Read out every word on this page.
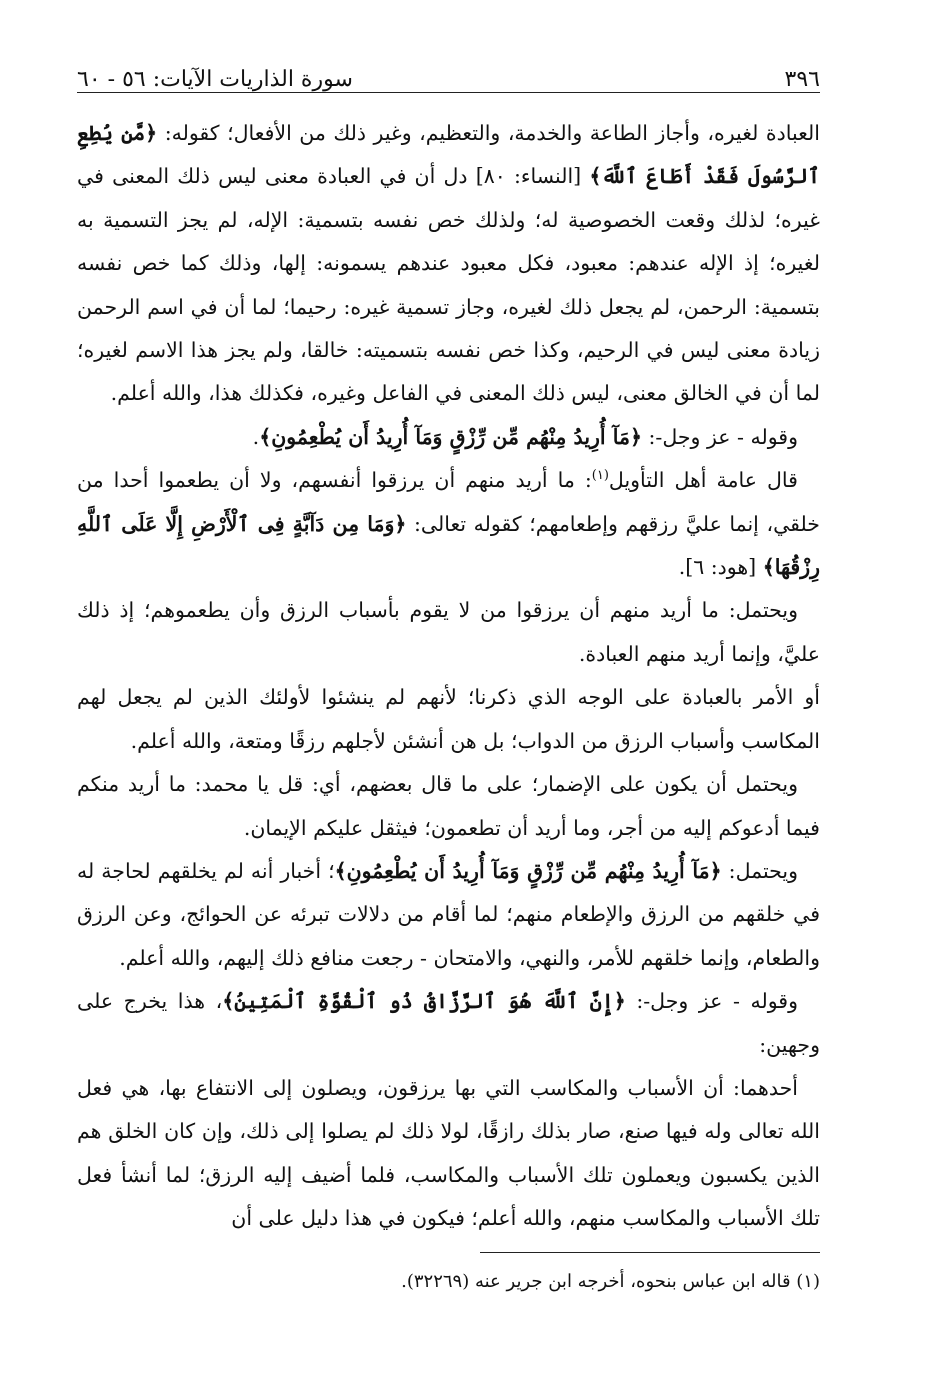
٣٩٦
سورة الذاريات الآيات: ٥٦ - ٦٠

العبادة لغيره، وأجاز الطاعة والخدمة، والتعظيم، وغير ذلك من الأفعال؛ كقوله: ﴿مَّن يُطِعِ ٱلرَّسُولَ فَقَدْ أَطَاعَ ٱللَّهَ﴾ [النساء: ٨٠] دل أن في العبادة معنى ليس ذلك المعنى في غيره؛ لذلك وقعت الخصوصية له؛ ولذلك خص نفسه بتسمية: الإله، لم يجز التسمية به لغيره؛ إذ الإله عندهم: معبود، فكل معبود عندهم يسمونه: إلها، وذلك كما خص نفسه بتسمية: الرحمن، لم يجعل ذلك لغيره، وجاز تسمية غيره: رحيما؛ لما أن في اسم الرحمن زيادة معنى ليس في الرحيم، وكذا خص نفسه بتسميته: خالقا، ولم يجز هذا الاسم لغيره؛ لما أن في الخالق معنى، ليس ذلك المعنى في الفاعل وغيره، فكذلك هذا، والله أعلم.

وقوله - عز وجل-: ﴿مَآ أُرِيدُ مِنْهُم مِّن رِّزْقٍ وَمَآ أُرِيدُ أَن يُطْعِمُونِ﴾.

قال عامة أهل التأويل$^{(١)}$: ما أريد منهم أن يرزقوا أنفسهم، ولا أن يطعموا أحدا من خلقي، إنما عليَّ رزقهم وإطعامهم؛ كقوله تعالى: ﴿وَمَا مِن دَآبَّةٍ فِى ٱلْأَرْضِ إِلَّا عَلَى ٱللَّهِ رِزْقُهَا﴾ [هود: ٦].

ويحتمل: ما أريد منهم أن يرزقوا من لا يقوم بأسباب الرزق وأن يطعموهم؛ إذ ذلك عليَّ، وإنما أريد منهم العبادة.

أو الأمر بالعبادة على الوجه الذي ذكرنا؛ لأنهم لم ينشئوا لأولئك الذين لم يجعل لهم المكاسب وأسباب الرزق من الدواب؛ بل هن أنشئن لأجلهم رزقًا ومتعة، والله أعلم.

ويحتمل أن يكون على الإضمار؛ على ما قال بعضهم، أي: قل يا محمد: ما أريد منكم فيما أدعوكم إليه من أجر، وما أريد أن تطعمون؛ فيثقل عليكم الإيمان.

ويحتمل: ﴿مَآ أُرِيدُ مِنْهُم مِّن رِّزْقٍ وَمَآ أُرِيدُ أَن يُطْعِمُونِ﴾؛ أخبار أنه لم يخلقهم لحاجة له في خلقهم من الرزق والإطعام منهم؛ لما أقام من دلالات تبرئه عن الحوائج، وعن الرزق والطعام، وإنما خلقهم للأمر، والنهي، والامتحان - رجعت منافع ذلك إليهم، والله أعلم.

وقوله - عز وجل-: ﴿إِنَّ ٱللَّهَ هُوَ ٱلرَّزَّاقُ ذُو ٱلْقُوَّةِ ٱلْمَتِينُ﴾، هذا يخرج على وجهين:

أحدهما: أن الأسباب والمكاسب التي بها يرزقون، ويصلون إلى الانتفاع بها، هي فعل الله تعالى وله فيها صنع، صار بذلك رازقًا، لولا ذلك لم يصلوا إلى ذلك، وإن كان الخلق هم الذين يكسبون ويعملون تلك الأسباب والمكاسب، فلما أضيف إليه الرزق؛ لما أنشأ فعل تلك الأسباب والمكاسب منهم، والله أعلم؛ فيكون في هذا دليل على أن

(١) قاله ابن عباس بنحوه، أخرجه ابن جرير عنه (٣٢٢٦٩).
